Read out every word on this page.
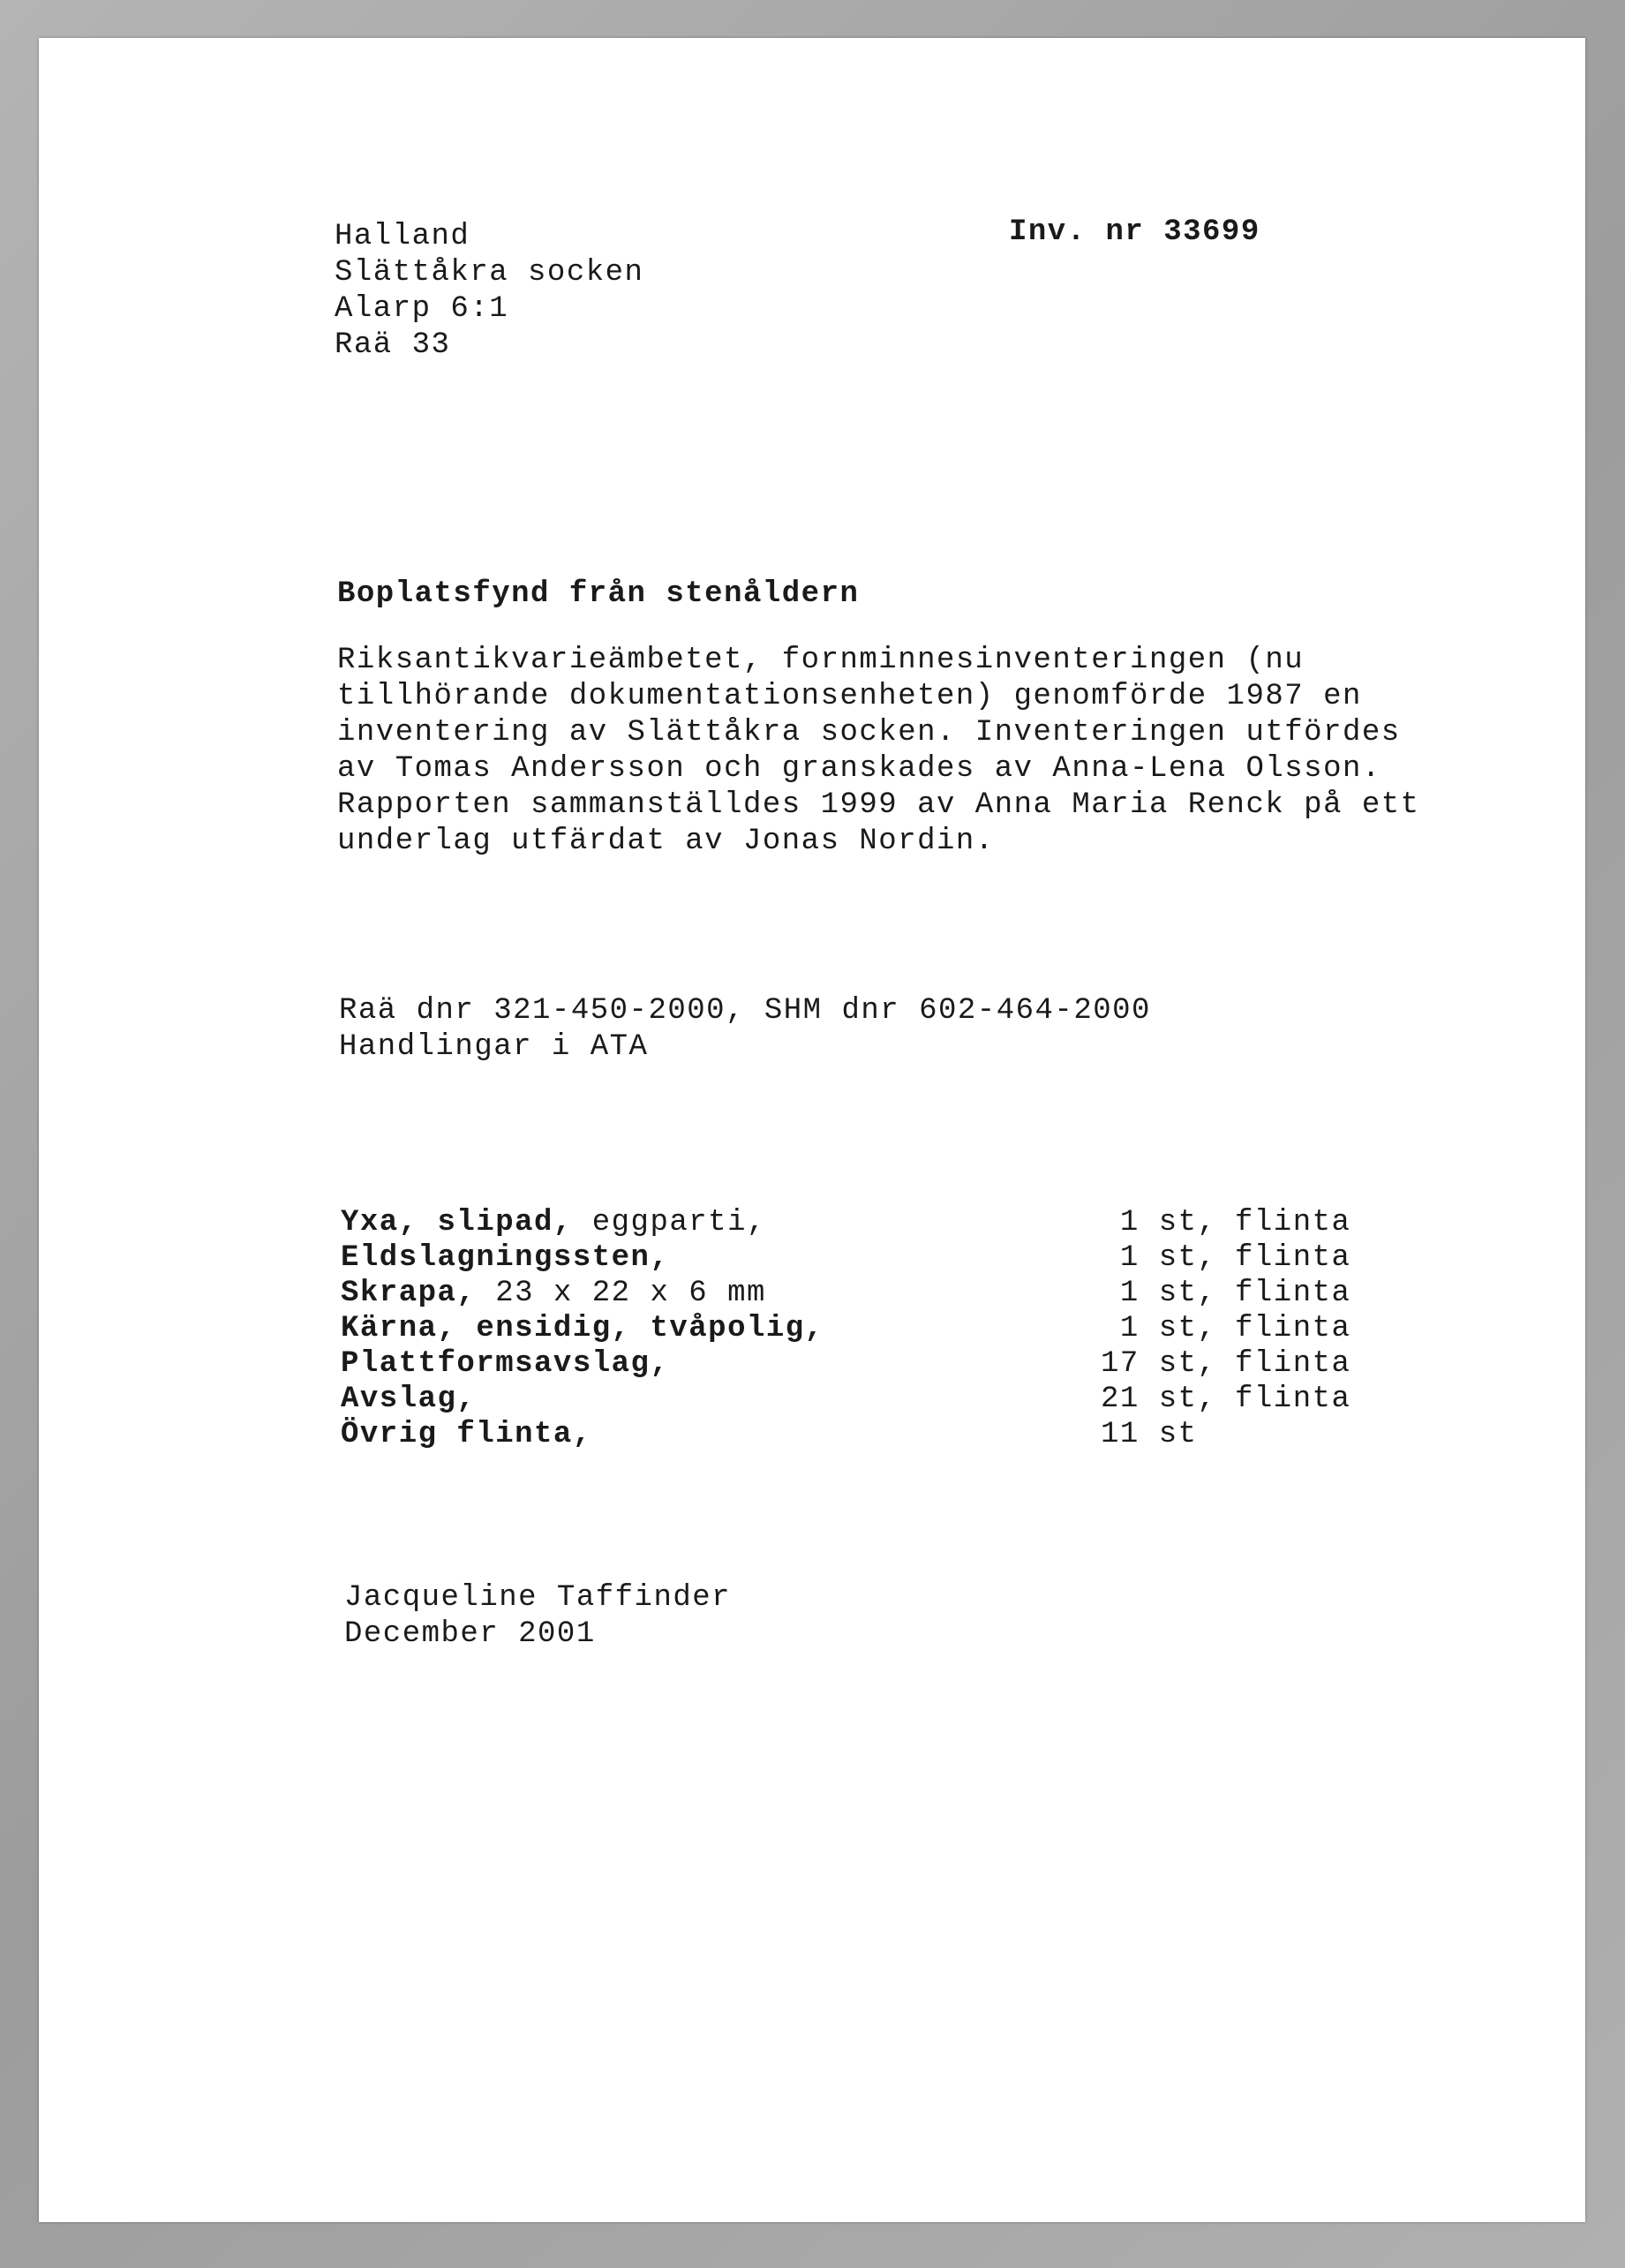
Halland
Slättåkra socken
Alarp 6:1
Raä 33
Inv. nr 33699
Boplatsfynd från stenåldern
Riksantikvarieämbetet, fornminnesinventeringen (nu
tillhörande dokumentationsenheten) genomförde 1987 en
inventering av Slättåkra socken. Inventeringen utfördes
av Tomas Andersson och granskades av Anna-Lena Olsson.
Rapporten sammanställdes 1999 av Anna Maria Renck på ett
underlag utfärdat av Jonas Nordin.
Raä dnr 321-450-2000, SHM dnr 602-464-2000
Handlingar i ATA
Yxa, slipad, eggparti,	1 st, flinta
Eldslagningssten,	1 st, flinta
Skrapa, 23 x 22 x 6 mm	1 st, flinta
Kärna, ensidig, tvåpolig,	1 st, flinta
Plattformsavslag,	17 st, flinta
Avslag,	21 st, flinta
Övrig flinta,	11 st
Jacqueline Taffinder
December 2001
